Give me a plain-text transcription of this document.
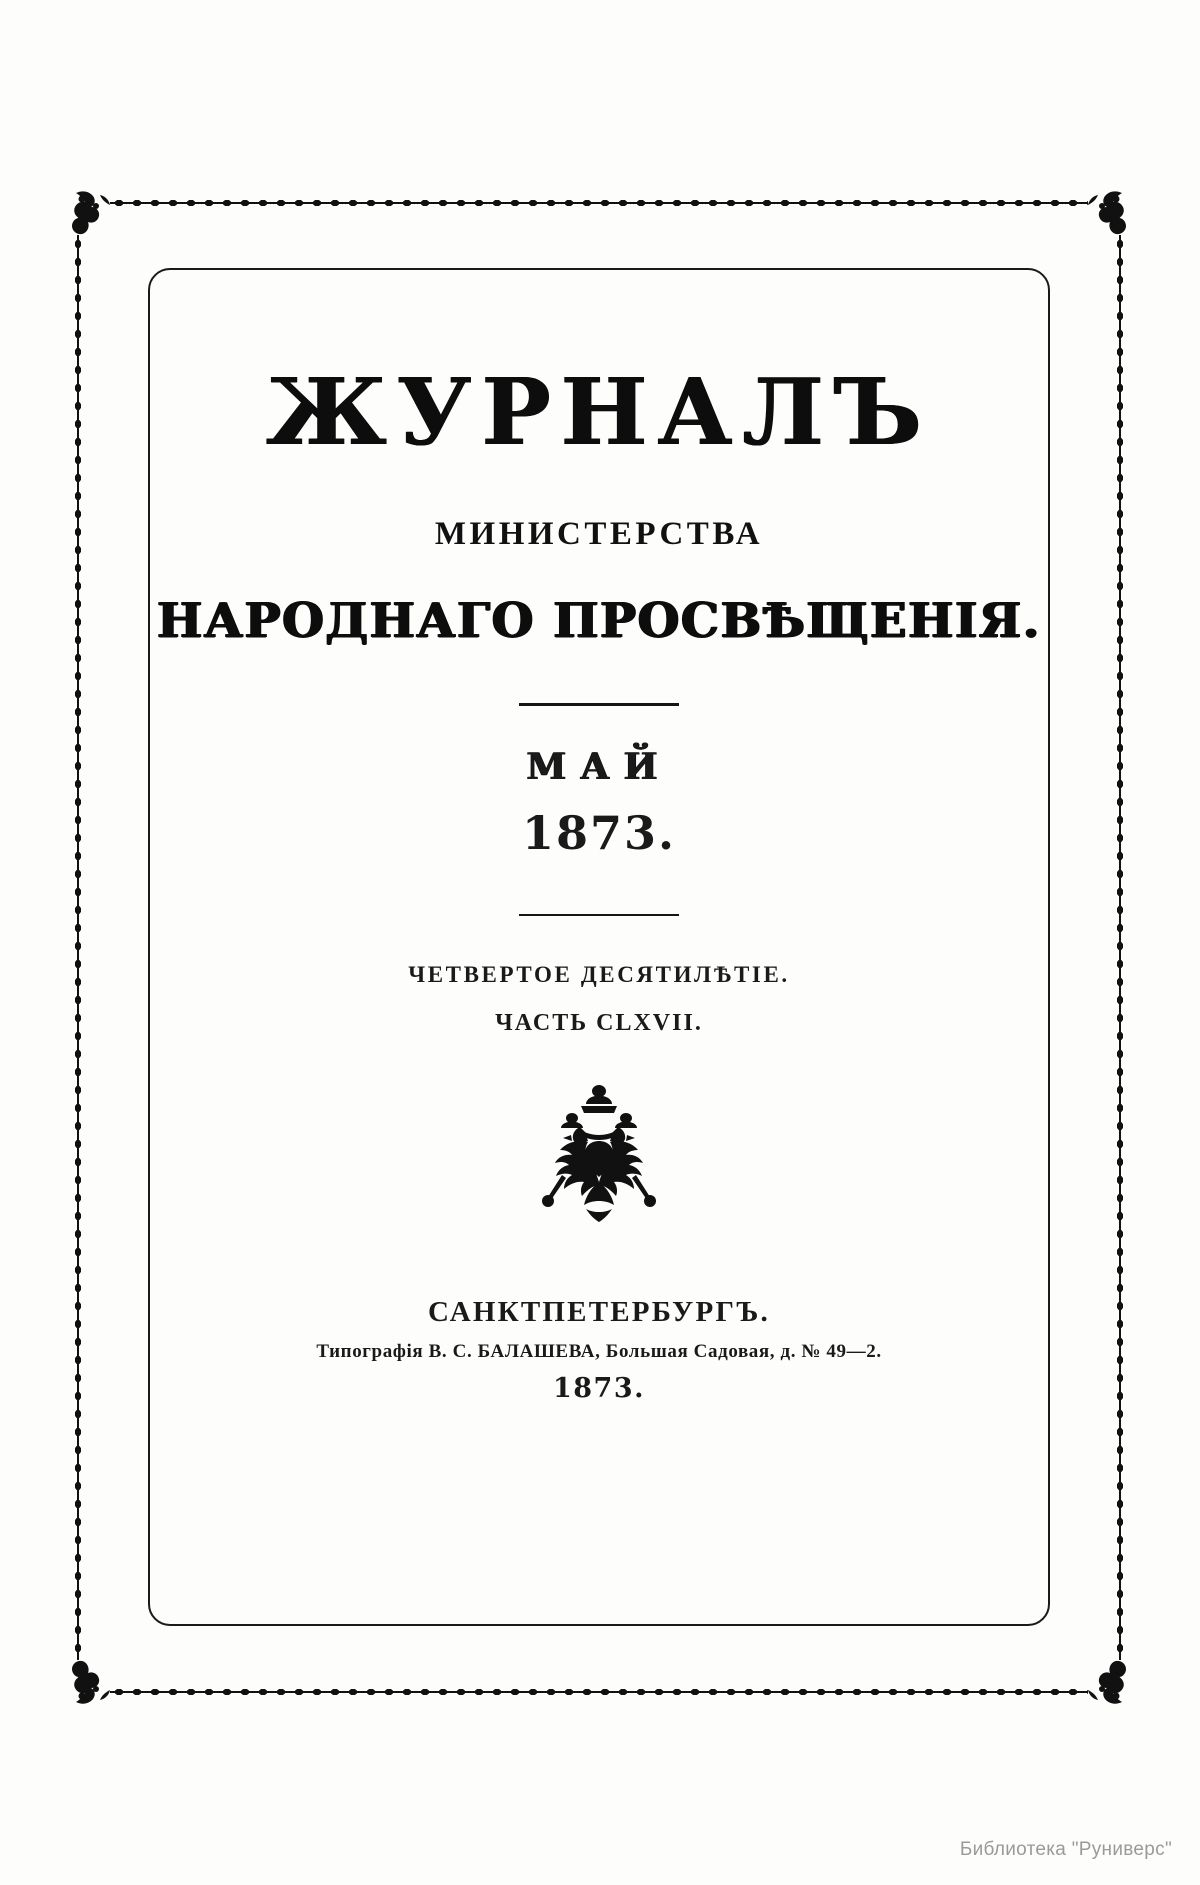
ЖУРНАЛЪ
МИНИСТЕРСТВА
НАРОДНАГО ПРОСВѢЩЕНІЯ.
МАЙ
1873.
ЧЕТВЕРТОЕ ДЕСЯТИЛѢТІЕ.
ЧАСТЬ CLXVII.
САНКТПЕТЕРБУРГЪ.
Типографія В. С. БАЛАШЕВА, Большая Садовая, д. № 49—2.
1873.
Библиотека "Руниверс"
